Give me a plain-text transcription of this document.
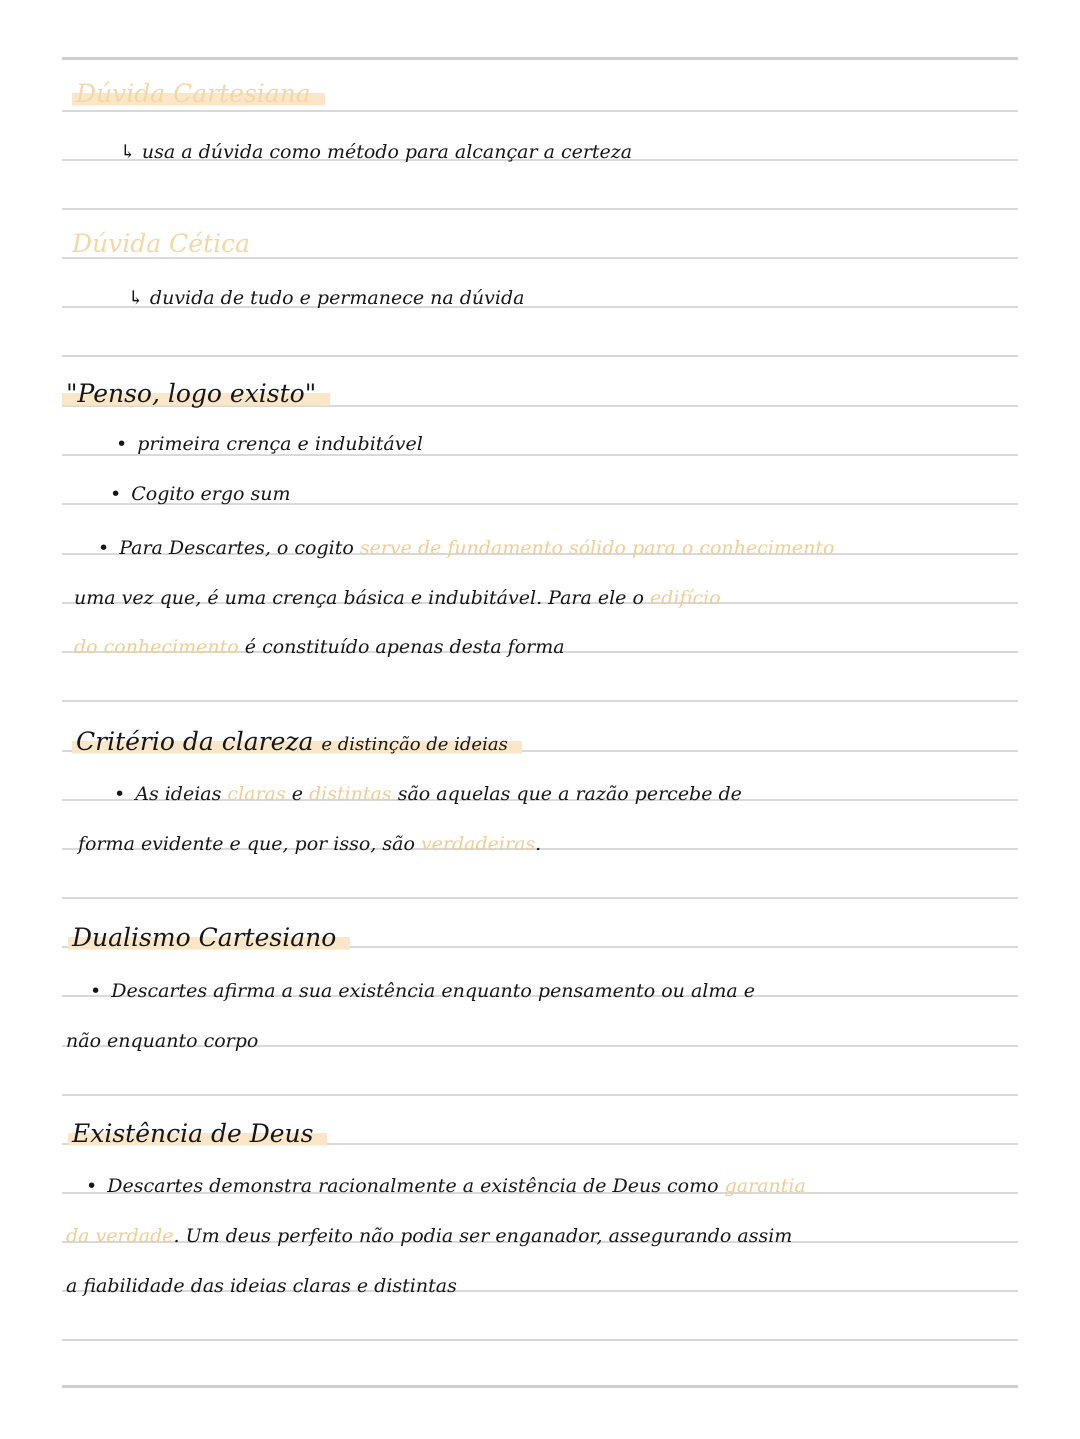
Dúvida Cartesiana
↳ usa a dúvida como método para alcançar a certeza
Dúvida Cética
↳ duvida de tudo e permanece na dúvida
"Penso, logo existo"
• primeira crença e indubitável
• Cogito ergo sum
• Para Descartes, o cogito serve de fundamento sólido para o conhecimento
uma vez que, é uma crença básica e indubitável. Para ele o edifício
do conhecimento é constituído apenas desta forma
Critério da clareza e distinção de ideias
• As ideias claras e distintas são aquelas que a razão percebe de
forma evidente e que, por isso, são verdadeiras.
Dualismo Cartesiano
• Descartes afirma a sua existência enquanto pensamento ou alma e
não enquanto corpo
Existência de Deus
• Descartes demonstra racionalmente a existência de Deus como garantia
da verdade. Um deus perfeito não podia ser enganador, assegurando assim
a fiabilidade das ideias claras e distintas
